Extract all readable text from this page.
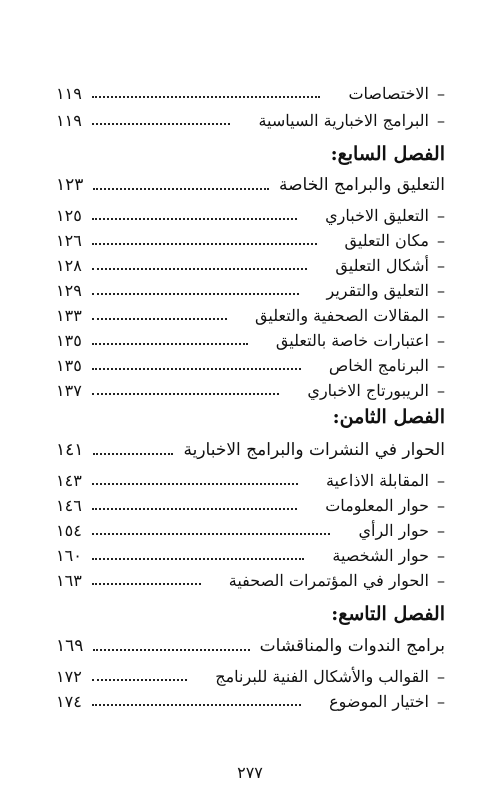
–الاختصاصات
١١٩
–البرامج الاخبارية السياسية
١١٩
الفصل السابع:
التعليق والبرامج الخاصة
١٢٣
–التعليق الاخباري
١٢٥
–مكان التعليق
١٢٦
–أشكال التعليق
١٢٨
–التعليق والتقرير
١٢٩
–المقالات الصحفية والتعليق
١٣٣
–اعتبارات خاصة بالتعليق
١٣٥
–البرنامج الخاص
١٣٥
–الريبورتاج الاخباري
١٣٧
الفصل الثامن:
الحوار في النشرات والبرامج الاخبارية
١٤١
–المقابلة الاذاعية
١٤٣
–حوار المعلومات
١٤٦
–حوار الرأي
١٥٤
–حوار الشخصية
١٦٠
–الحوار في المؤتمرات الصحفية
١٦٣
الفصل التاسع:
برامج الندوات والمناقشات
١٦٩
–القوالب والأشكال الفنية للبرنامج
١٧٢
–اختيار الموضوع
١٧٤
٢٧٧
